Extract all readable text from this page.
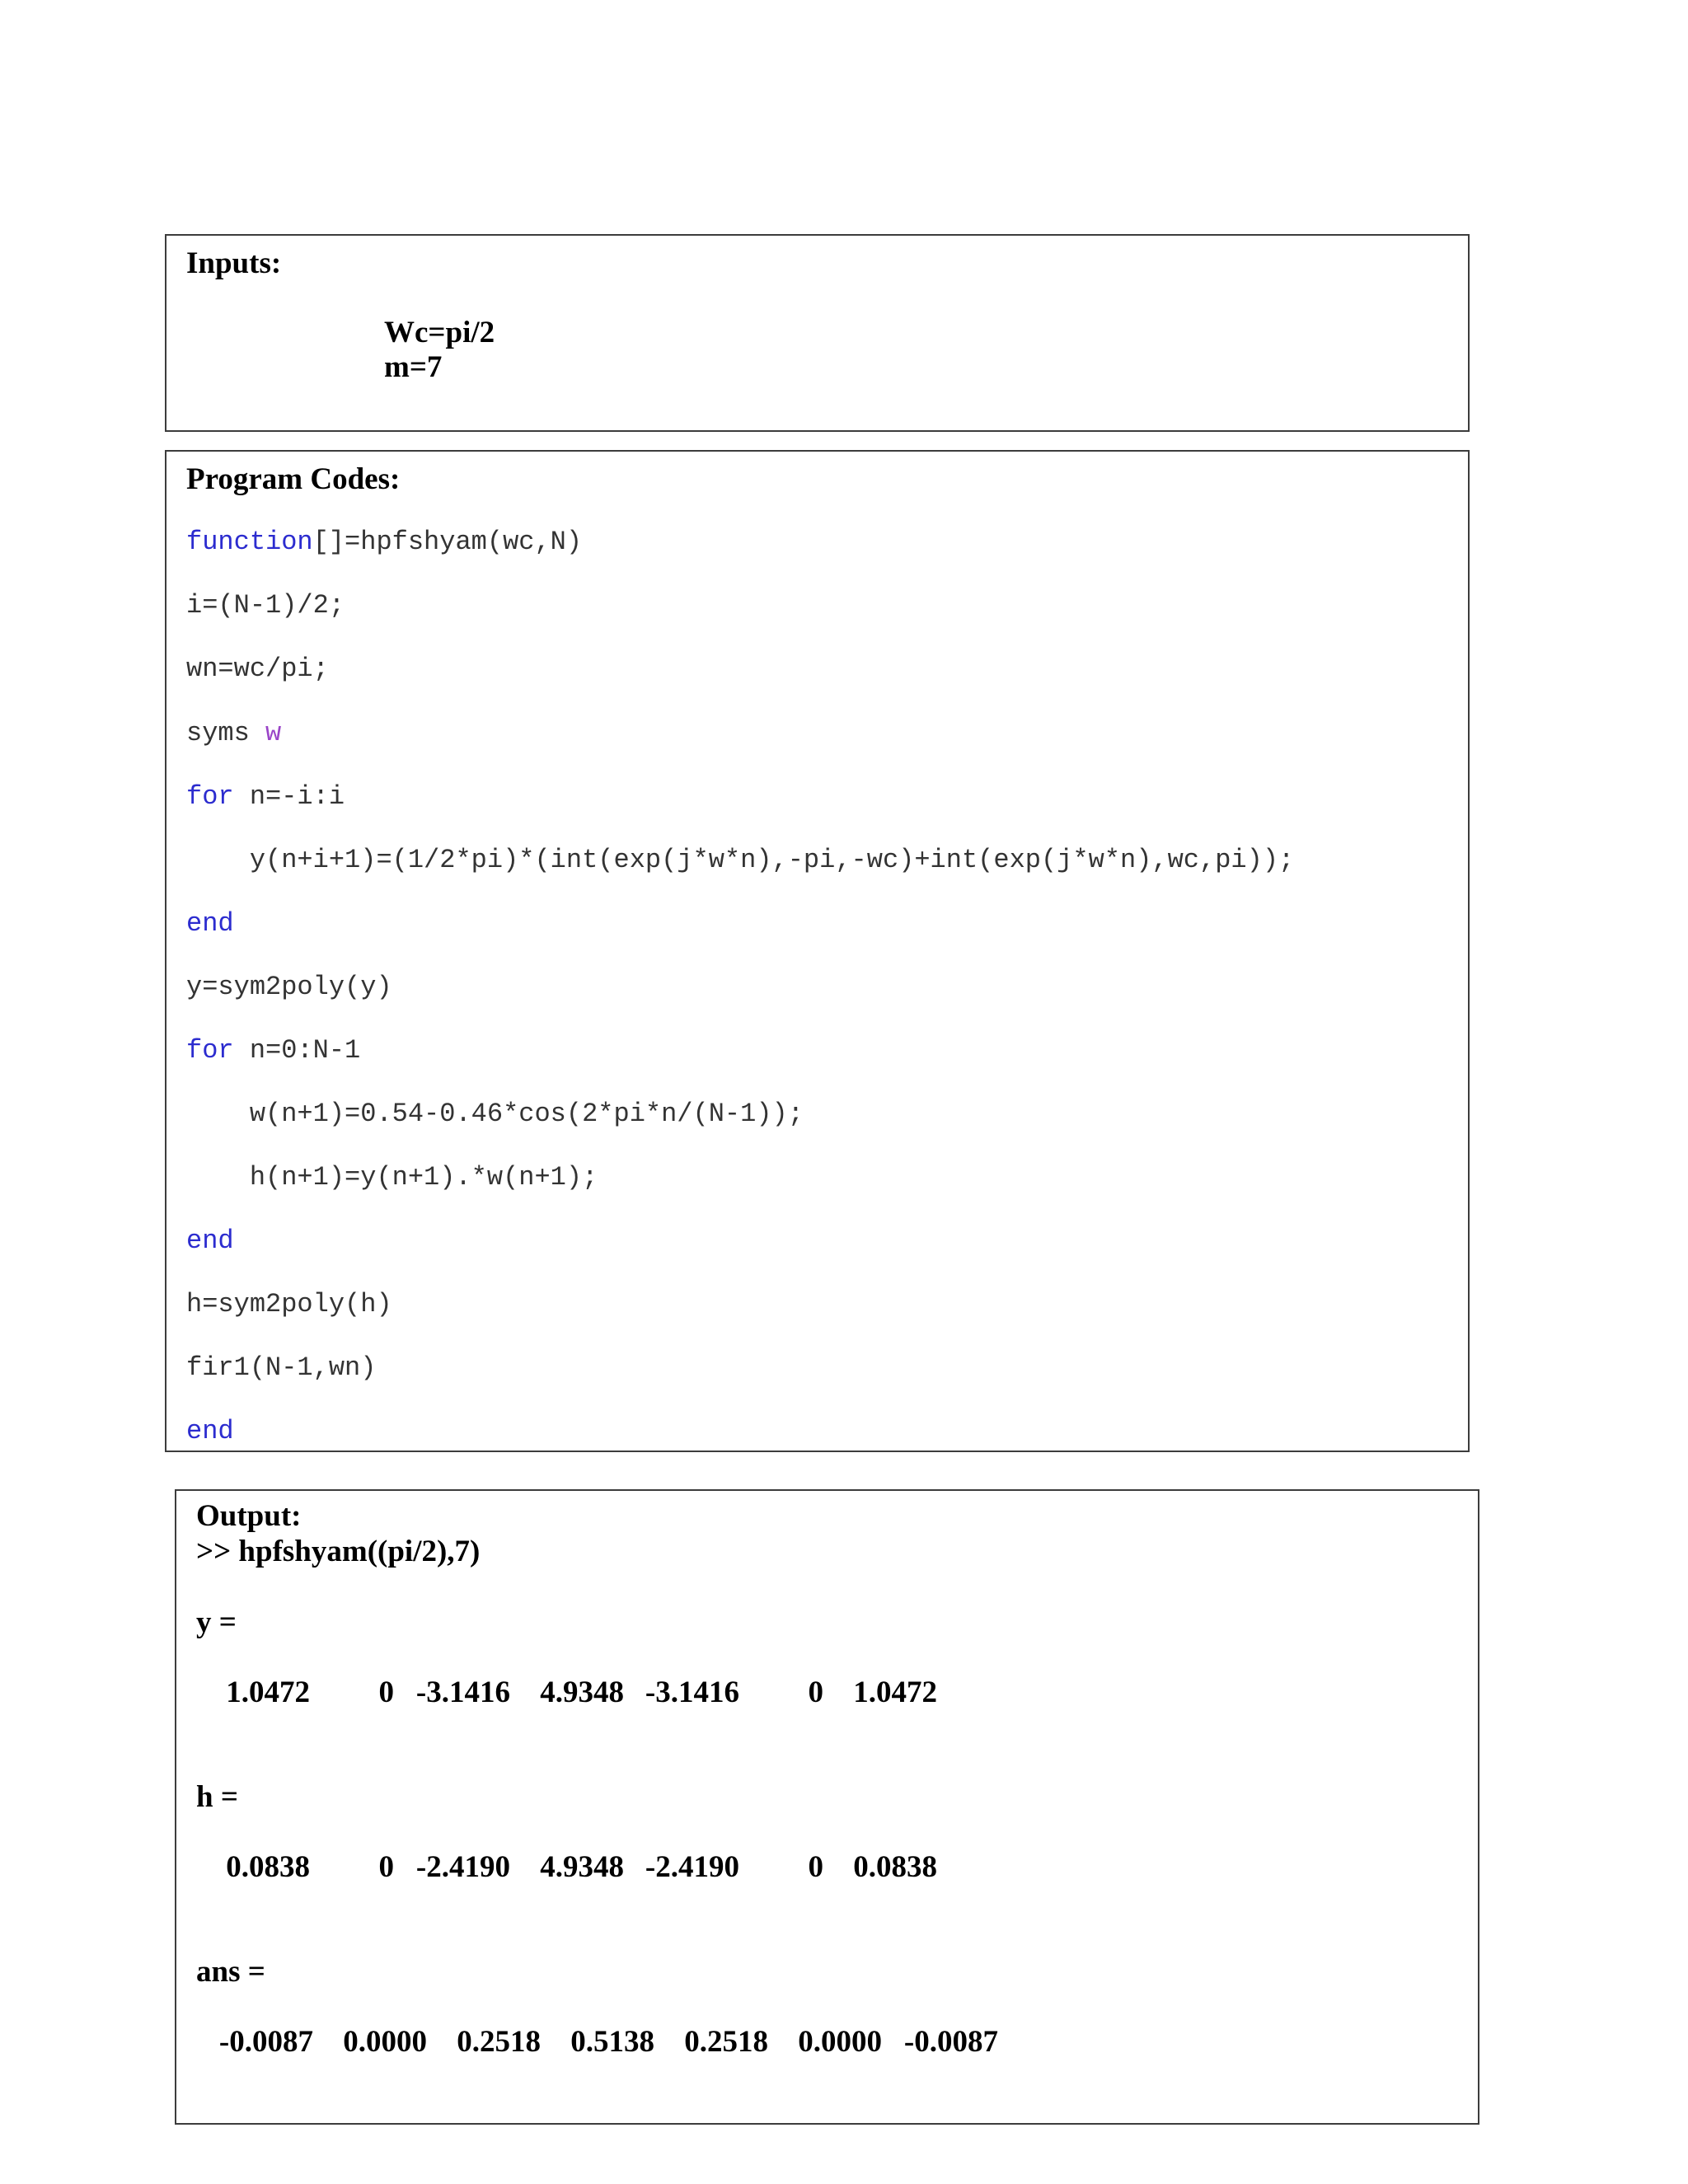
Inputs:
Wc=pi/2
m=7
Program Codes:
function[]=hpfshyam(wc,N)
i=(N-1)/2;
wn=wc/pi;
syms w
for n=-i:i
y(n+i+1)=(1/2*pi)*(int(exp(j*w*n),-pi,-wc)+int(exp(j*w*n),wc,pi));
end
y=sym2poly(y)
for n=0:N-1
w(n+1)=0.54-0.46*cos(2*pi*n/(N-1));
h(n+1)=y(n+1).*w(n+1);
end
h=sym2poly(h)
fir1(N-1,wn)
end
Output:
>> hpfshyam((pi/2),7)
y =
1.0472	0 -3.1416 4.9348 -3.1416	0 1.0472
h =
0.0838	0 -2.4190 4.9348 -2.4190	0 0.0838
ans =
-0.0087 0.0000 0.2518 0.5138 0.2518 0.0000 -0.0087
